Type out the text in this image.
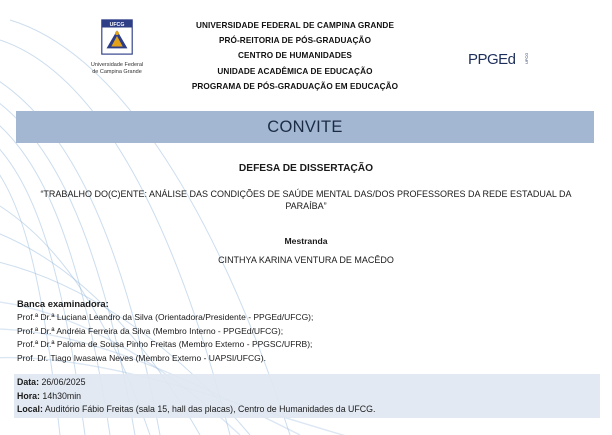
UFCG
Universidade Federal
de Campina Grande
UNIVERSIDADE FEDERAL DE CAMPINA GRANDE
PRÓ-REITORIA DE PÓS-GRADUAÇÃO
CENTRO DE HUMANIDADES
UNIDADE ACADÊMICA DE EDUCAÇÃO
PROGRAMA DE PÓS-GRADUAÇÃO EM EDUCAÇÃO
PPGEd UFCG
CONVITE
DEFESA DE DISSERTAÇÃO
“TRABALHO DO(C)ENTE: ANÁLISE DAS CONDIÇÕES DE SAÚDE MENTAL DAS/DOS PROFESSORES DA REDE ESTADUAL DA PARAÍBA”
Mestranda
CINTHYA KARINA VENTURA DE MACÊDO
Banca examinadora:
Prof.ª Dr.ª Luciana Leandro da Silva (Orientadora/Presidente - PPGEd/UFCG);
Prof.ª Dr.ª Andréia Ferreira da Silva (Membro Interno - PPGEd/UFCG);
Prof.ª Dr.ª Paloma de Sousa Pinho Freitas (Membro Externo - PPGSC/UFRB);
Prof. Dr. Tiago Iwasawa Neves (Membro Externo - UAPSI/UFCG).
Data: 26/06/2025
Hora: 14h30min
Local: Auditório Fábio Freitas (sala 15, hall das placas), Centro de Humanidades da UFCG.
